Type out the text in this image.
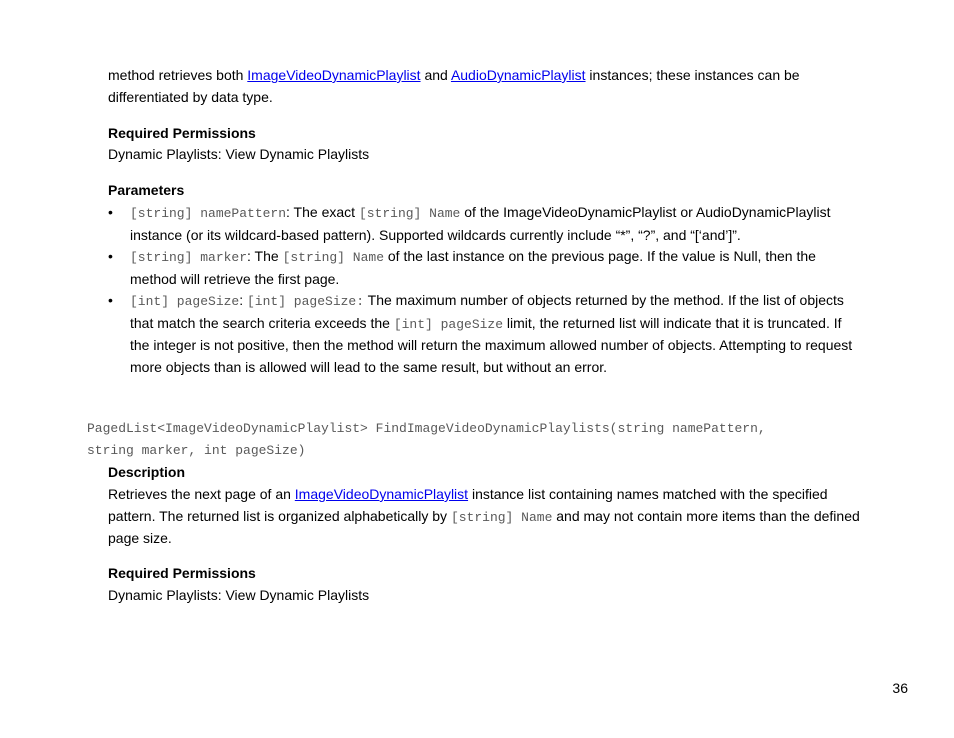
method retrieves both ImageVideoDynamicPlaylist and AudioDynamicPlaylist instances; these instances can be differentiated by data type.

Required Permissions

Dynamic Playlists: View Dynamic Playlists

Parameters

• [string] namePattern: The exact [string] Name of the ImageVideoDynamicPlaylist or AudioDynamicPlaylist instance (or its wildcard-based pattern). Supported wildcards currently include “*”, “?”, and “[‘and’]”.
• [string] marker: The [string] Name of the last instance on the previous page. If the value is Null, then the method will retrieve the first page.
• [int] pageSize: [int] pageSize: The maximum number of objects returned by the method. If the list of objects that match the search criteria exceeds the [int] pageSize limit, the returned list will indicate that it is truncated. If the integer is not positive, then the method will return the maximum allowed number of objects. Attempting to request more objects than is allowed will lead to the same result, but without an error.
PagedList<ImageVideoDynamicPlaylist> FindImageVideoDynamicPlaylists(string namePattern,
string marker, int pageSize)

Description

Retrieves the next page of an ImageVideoDynamicPlaylist instance list containing names matched with the specified pattern. The returned list is organized alphabetically by [string] Name and may not contain more items than the defined page size.

Required Permissions

Dynamic Playlists: View Dynamic Playlists

36
